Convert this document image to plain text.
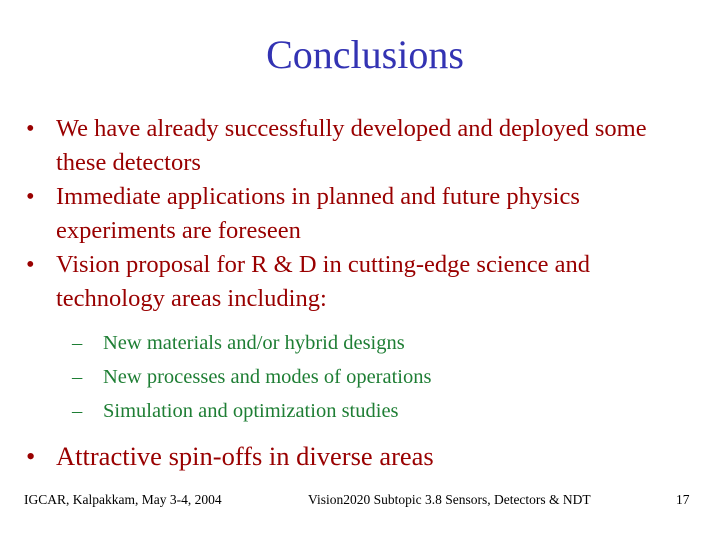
Conclusions
• We have already successfully developed and deployed some these detectors
• Immediate applications in planned and future physics experiments are foreseen
• Vision proposal for R & D in cutting-edge science and technology areas including:
– New materials and/or hybrid designs
– New processes and modes of operations
– Simulation and optimization studies
• Attractive spin-offs in diverse areas
IGCAR, Kalpakkam, May 3-4, 2004	Vision2020 Subtopic 3.8 Sensors, Detectors & NDT	17
